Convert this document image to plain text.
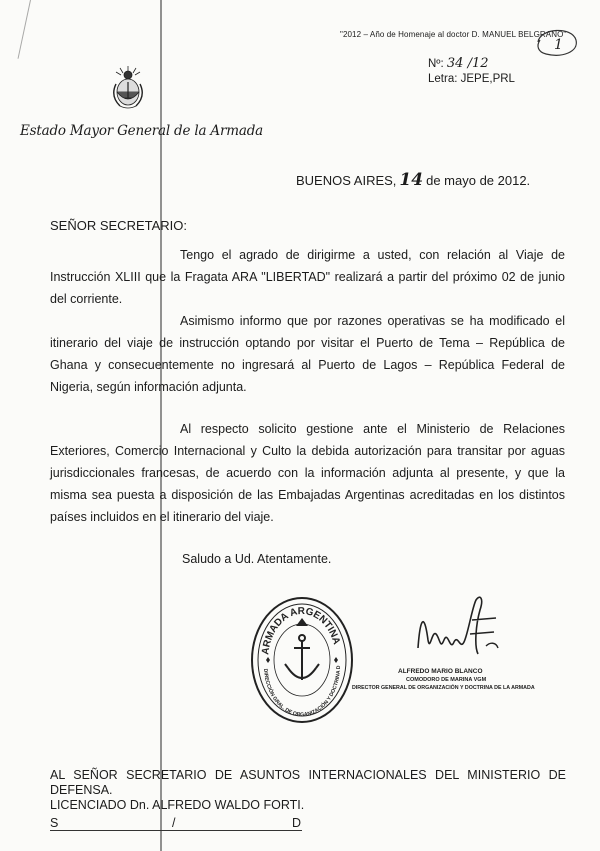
"2012 – Año de Homenaje al doctor D. MANUEL BELGRANO"
1
Nº: 34 /12
Letra: JEPE,PRL
Estado Mayor General de la Armada
BUENOS AIRES, 14 de mayo de 2012.
SEÑOR SECRETARIO:

Tengo el agrado de dirigirme a usted, con relación al Viaje de Instrucción XLIII que la Fragata ARA "LIBERTAD" realizará a partir del próximo 02 de junio del corriente.

Asimismo informo que por razones operativas se ha modificado el itinerario del viaje de instrucción optando por visitar el Puerto de Tema – República de Ghana y consecuentemente no ingresará al Puerto de Lagos – República Federal de Nigeria, según información adjunta.

Al respecto solicito gestione ante el Ministerio de Relaciones Exteriores, Comercio Internacional y Culto la debida autorización para transitar por aguas jurisdiccionales francesas, de acuerdo con la información adjunta al presente, y que la misma sea puesta a disposición de las Embajadas Argentinas acreditadas en los distintos países incluidos en el itinerario del viaje.

Saludo a Ud. Atentamente.
ARMADA ARGENTINA
DIRECCIÓN GRAL. DE ORGANIZACIÓN Y DOCTRINA D
ALFREDO MARIO BLANCO
COMODORO DE MARINA VGM
DIRECTOR GENERAL DE ORGANIZACIÓN Y DOCTRINA DE LA ARMADA

AL SEÑOR SECRETARIO DE ASUNTOS INTERNACIONALES DEL MINISTERIO DE DEFENSA.

LICENCIADO Dn. ALFREDO WALDO FORTI.
S	/	D
